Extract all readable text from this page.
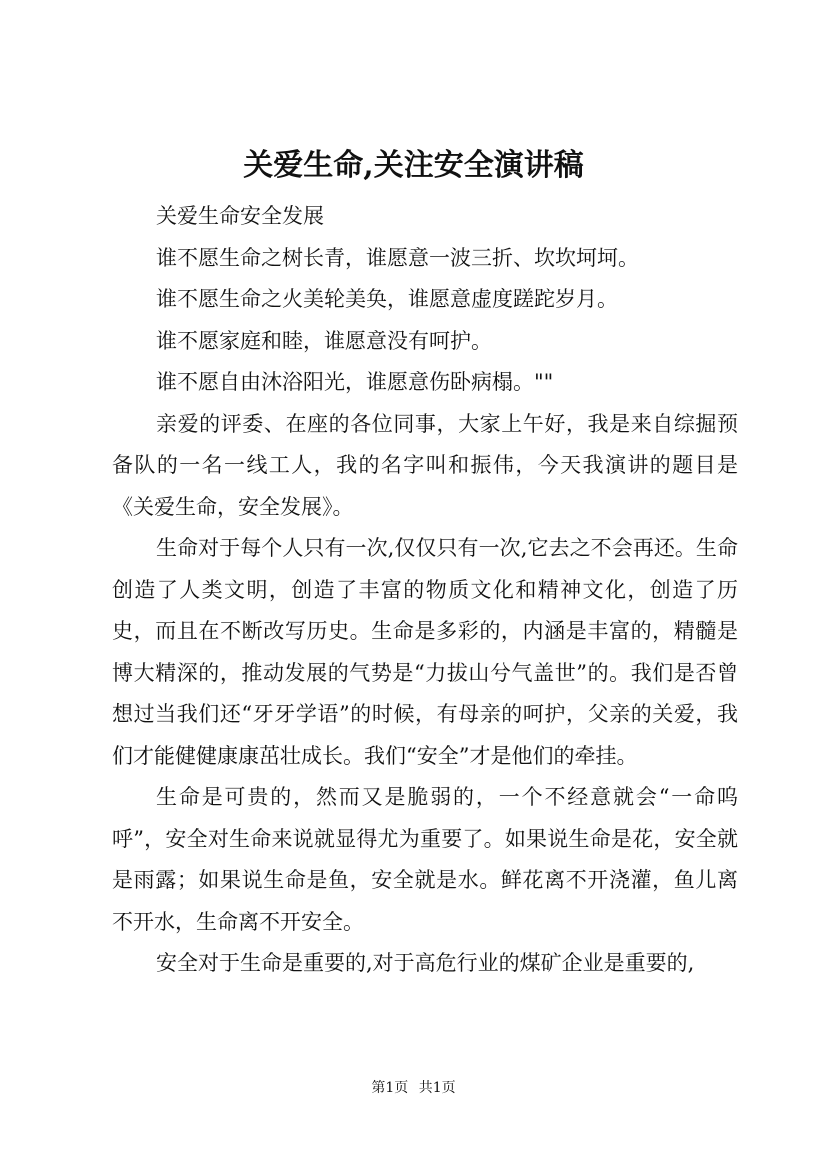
关爱生命,关注安全演讲稿

关爱生命安全发展

谁不愿生命之树长青，谁愿意一波三折、坎坎坷坷。

谁不愿生命之火美轮美奂，谁愿意虚度蹉跎岁月。

谁不愿家庭和睦，谁愿意没有呵护。

谁不愿自由沐浴阳光，谁愿意伤卧病榻。""

亲爱的评委、在座的各位同事，大家上午好，我是来自综掘预备队的一名一线工人，我的名字叫和振伟，今天我演讲的题目是《关爱生命，安全发展》。

生命对于每个人只有一次,仅仅只有一次,它去之不会再还。生命创造了人类文明，创造了丰富的物质文化和精神文化，创造了历史，而且在不断改写历史。生命是多彩的，内涵是丰富的，精髓是博大精深的，推动发展的气势是“力拔山兮气盖世”的。我们是否曾想过当我们还“牙牙学语”的时候，有母亲的呵护，父亲的关爱，我们才能健健康康茁壮成长。我们“安全”才是他们的牵挂。

生命是可贵的，然而又是脆弱的，一个不经意就会“一命呜呼”，安全对生命来说就显得尤为重要了。如果说生命是花，安全就是雨露；如果说生命是鱼，安全就是水。鲜花离不开浇灌，鱼儿离不开水，生命离不开安全。

安全对于生命是重要的,对于高危行业的煤矿企业是重要的,

第1页 共1页
